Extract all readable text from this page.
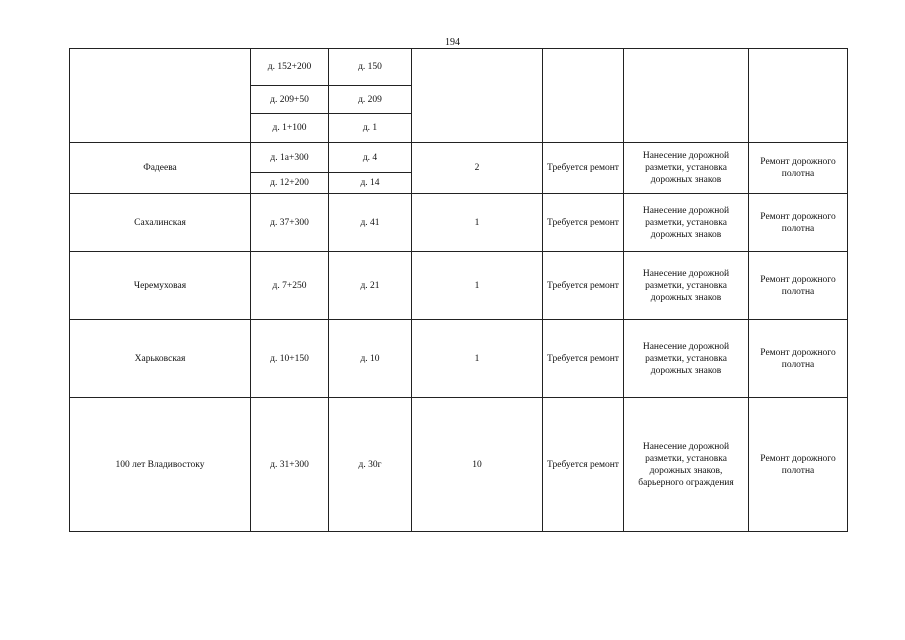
194
	д. 152+200	д. 150				
	д. 209+50	д. 209				
	д. 1+100	д. 1				
Фадеева	д. 1а+300	д. 4	2	Требуется ремонт	Нанесение дорожной разметки, установка дорожных знаков	Ремонт дорожного полотна
	д. 12+200	д. 14				
Сахалинская	д. 37+300	д. 41	1	Требуется ремонт	Нанесение дорожной разметки, установка дорожных знаков	Ремонт дорожного полотна
Черемуховая	д. 7+250	д. 21	1	Требуется ремонт	Нанесение дорожной разметки, установка дорожных знаков	Ремонт дорожного полотна
Харьковская	д. 10+150	д. 10	1	Требуется ремонт	Нанесение дорожной разметки, установка дорожных знаков	Ремонт дорожного полотна
100 лет Владивостоку	д. 31+300	д. 30г	10	Требуется ремонт	Нанесение дорожной разметки, установка дорожных знаков, барьерного ограждения	Ремонт дорожного полотна
